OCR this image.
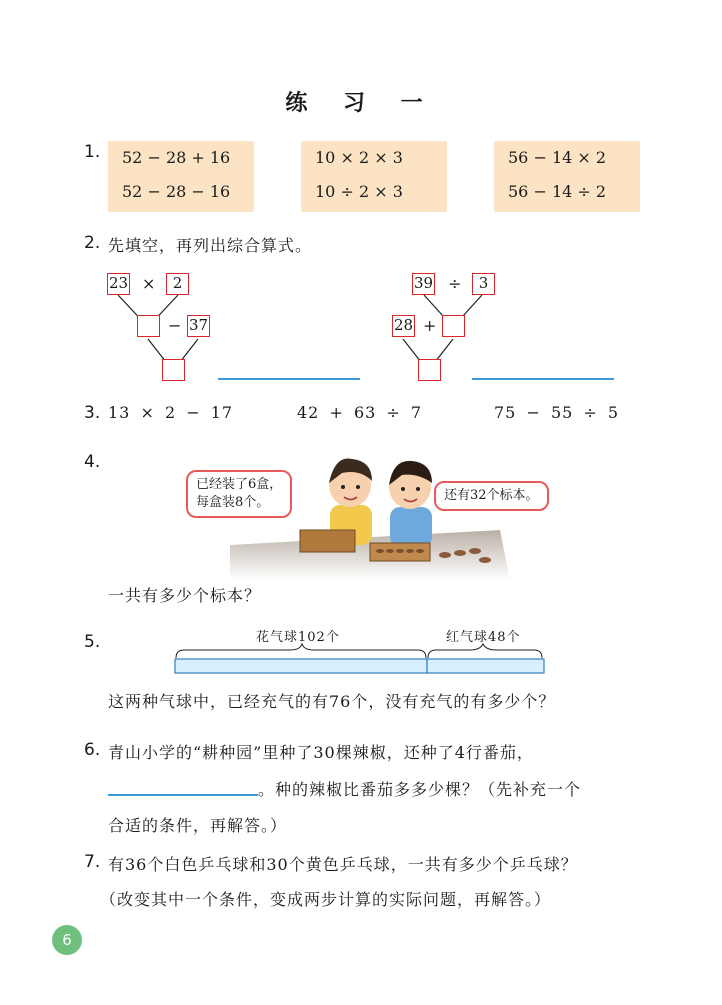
练 习 一
1.	52 − 28 + 16
52 − 28 − 16
10 × 2 × 3
10 ÷ 2 × 3
56 − 14 × 2
56 − 14 ÷ 2
2. 先填空，再列出综合算式。
23 ×	2
− 37
39 ÷	3
28 +
3. 13 × 2 − 17	42 + 63 ÷ 7	75 − 55 ÷ 5
4.
已经装了6盒，
每盒装8个。	还有32个标本。
一共有多少个标本？
5.	花气球102个	红气球48个
这两种气球中，已经充气的有76个，没有充气的有多少个？
6. 青山小学的“耕种园”里种了30棵辣椒，还种了4行番茄，
。种的辣椒比番茄多多少棵？（先补充一个
合适的条件，再解答。）
7. 有36个白色乒乓球和30个黄色乒乓球，一共有多少个乒乓球？
（改变其中一个条件，变成两步计算的实际问题，再解答。）
6
